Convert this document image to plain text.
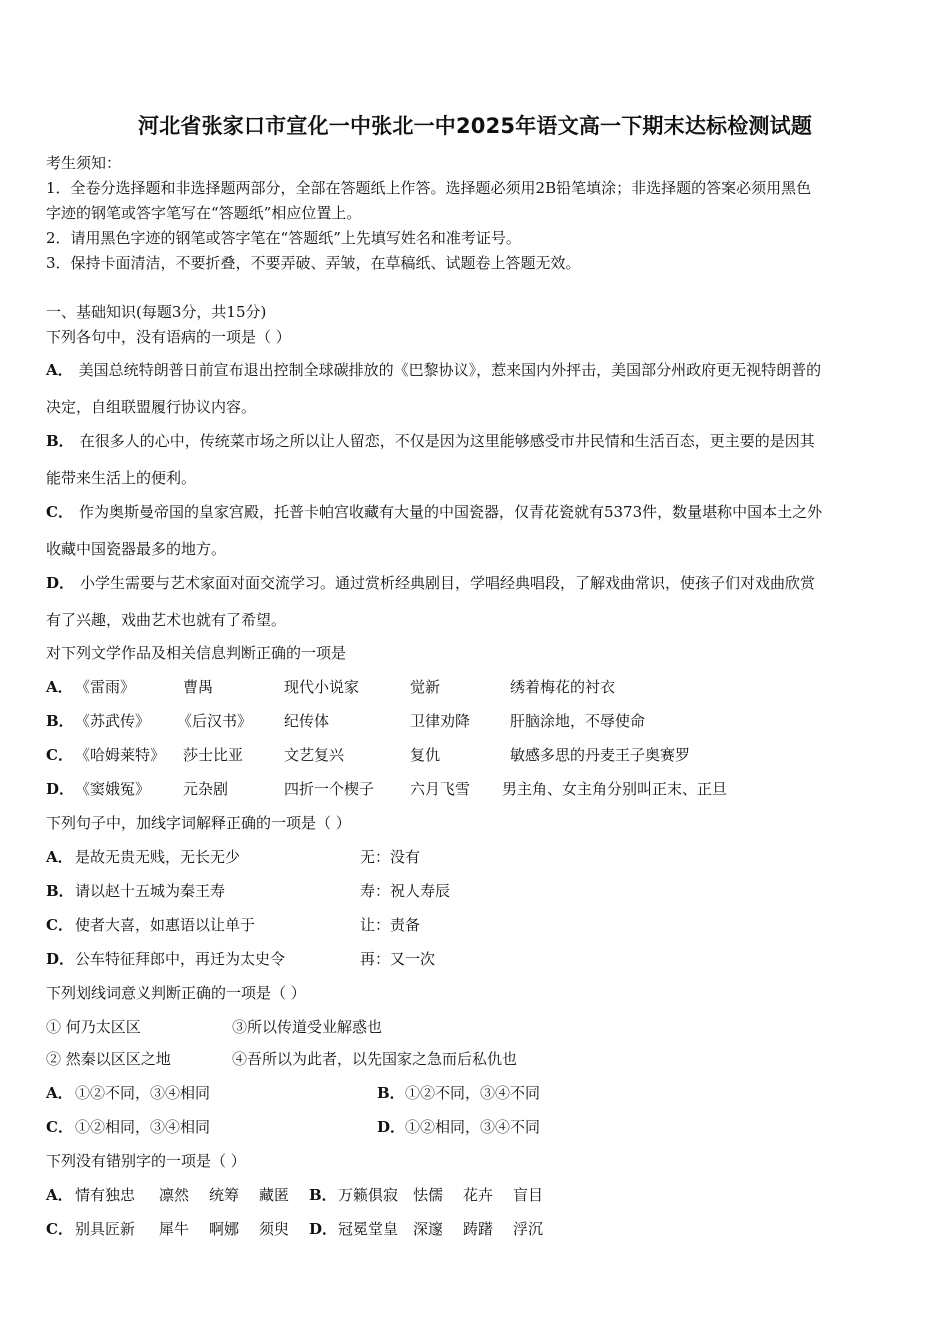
河北省张家口市宣化一中张北一中2025年语文高一下期末达标检测试题
考生须知：
1．全卷分选择题和非选择题两部分，全部在答题纸上作答。选择题必须用2B铅笔填涂；非选择题的答案必须用黑色
字迹的钢笔或答字笔写在“答题纸”相应位置上。
2．请用黑色字迹的钢笔或答字笔在“答题纸”上先填写姓名和准考证号。
3．保持卡面清洁，不要折叠，不要弄破、弄皱，在草稿纸、试题卷上答题无效。
一、基础知识(每题3分，共15分)
下列各句中，没有语病的一项是（ ）
A． 美国总统特朗普日前宣布退出控制全球碳排放的《巴黎协议》，惹来国内外抨击，美国部分州政府更无视特朗普的
决定，自组联盟履行协议内容。
B． 在很多人的心中，传统菜市场之所以让人留恋，不仅是因为这里能够感受市井民情和生活百态，更主要的是因其
能带来生活上的便利。
C． 作为奥斯曼帝国的皇家宫殿，托普卡帕宫收藏有大量的中国瓷器，仅青花瓷就有5373件，数量堪称中国本土之外
收藏中国瓷器最多的地方。
D． 小学生需要与艺术家面对面交流学习。通过赏析经典剧目，学唱经典唱段，了解戏曲常识，使孩子们对戏曲欣赏
有了兴趣，戏曲艺术也就有了希望。
对下列文学作品及相关信息判断正确的一项是
A． 《雷雨》	曹禺	现代小说家	觉新	绣着梅花的衬衣
B． 《苏武传》 《后汉书》 纪传体	卫律劝降	肝脑涂地，不辱使命
C． 《哈姆莱特》 莎士比亚	文艺复兴	复仇	敏感多思的丹麦王子奥赛罗
D． 《窦娥冤》 元杂剧	四折一个楔子 六月飞雪 男主角、女主角分别叫正末、正旦
下列句子中，加线字词解释正确的一项是（ ）
A． 是故无贵无贱，无长无少	无：没有
B． 请以赵十五城为秦王寿	寿：祝人寿辰
C． 使者大喜，如惠语以让单于	让：责备
D． 公车特征拜郎中，再迁为太史令	再：又一次
下列划线词意义判断正确的一项是（ ）
① 何乃太区区	③所以传道受业解惑也
② 然秦以区区之地	④吾所以为此者，以先国家之急而后私仇也
A． ①②不同，③④相同	B． ①②不同，③④不同
C． ①②相同，③④相同	D． ①②相同，③④不同
下列没有错别字的一项是（ ）
A． 情有独忠 凛然 统筹 藏匿 B． 万籁俱寂 怯儒 花卉 盲目
C． 别具匠新 犀牛 啊娜 须臾 D． 冠冕堂皇 深邃 踌躇 浮沉
